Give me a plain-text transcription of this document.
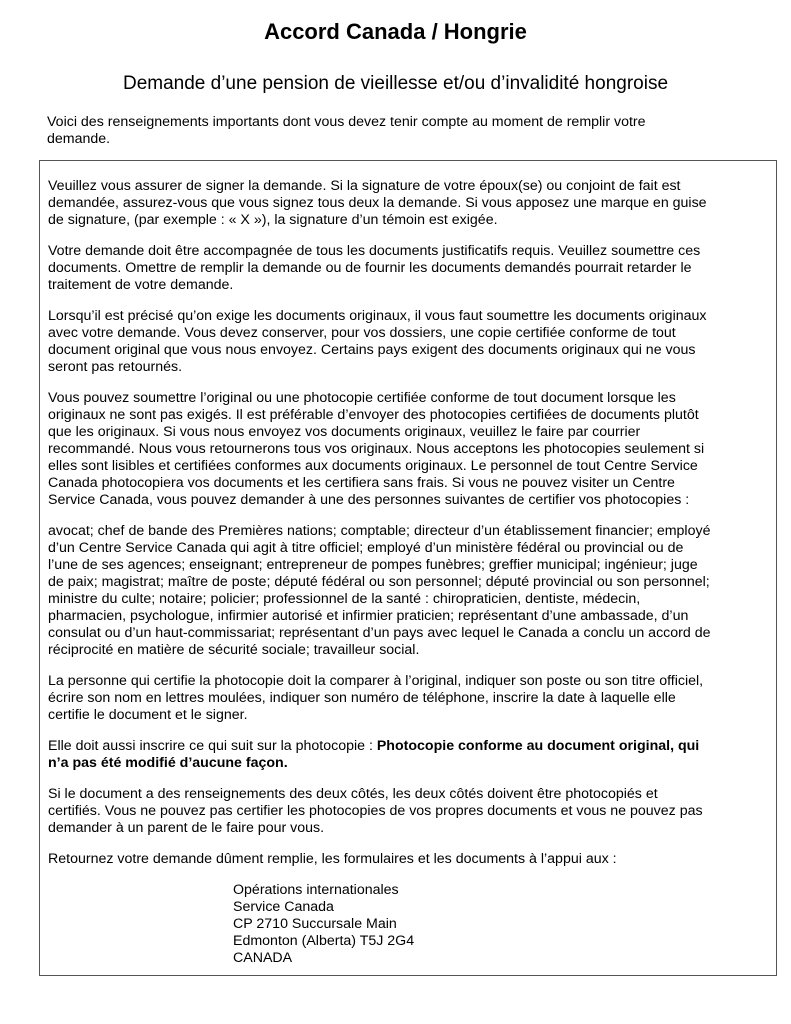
Accord Canada / Hongrie
Demande d’une pension de vieillesse et/ou d’invalidité hongroise
Voici des renseignements importants dont vous devez tenir compte au moment de remplir votre
demande.

Veuillez vous assurer de signer la demande. Si la signature de votre époux(se) ou conjoint de fait est
demandée, assurez-vous que vous signez tous deux la demande. Si vous apposez une marque en guise
de signature, (par exemple : « X »), la signature d’un témoin est exigée.

Votre demande doit être accompagnée de tous les documents justificatifs requis. Veuillez soumettre ces
documents. Omettre de remplir la demande ou de fournir les documents demandés pourrait retarder le
traitement de votre demande.

Lorsqu’il est précisé qu’on exige les documents originaux, il vous faut soumettre les documents originaux
avec votre demande. Vous devez conserver, pour vos dossiers, une copie certifiée conforme de tout
document original que vous nous envoyez. Certains pays exigent des documents originaux qui ne vous
seront pas retournés.

Vous pouvez soumettre l’original ou une photocopie certifiée conforme de tout document lorsque les
originaux ne sont pas exigés. Il est préférable d’envoyer des photocopies certifiées de documents plutôt
que les originaux. Si vous nous envoyez vos documents originaux, veuillez le faire par courrier
recommandé. Nous vous retournerons tous vos originaux. Nous acceptons les photocopies seulement si
elles sont lisibles et certifiées conformes aux documents originaux. Le personnel de tout Centre Service
Canada photocopiera vos documents et les certifiera sans frais. Si vous ne pouvez visiter un Centre
Service Canada, vous pouvez demander à une des personnes suivantes de certifier vos photocopies :

avocat; chef de bande des Premières nations; comptable; directeur d’un établissement financier; employé
d’un Centre Service Canada qui agit à titre officiel; employé d’un ministère fédéral ou provincial ou de
l’une de ses agences; enseignant; entrepreneur de pompes funèbres; greffier municipal; ingénieur; juge
de paix; magistrat; maître de poste; député fédéral ou son personnel; député provincial ou son personnel;
ministre du culte; notaire; policier; professionnel de la santé : chiropraticien, dentiste, médecin,
pharmacien, psychologue, infirmier autorisé et infirmier praticien; représentant d’une ambassade, d’un
consulat ou d’un haut-commissariat; représentant d’un pays avec lequel le Canada a conclu un accord de
réciprocité en matière de sécurité sociale; travailleur social.

La personne qui certifie la photocopie doit la comparer à l’original, indiquer son poste ou son titre officiel,
écrire son nom en lettres moulées, indiquer son numéro de téléphone, inscrire la date à laquelle elle
certifie le document et le signer.

Elle doit aussi inscrire ce qui suit sur la photocopie : Photocopie conforme au document original, qui
n’a pas été modifié d’aucune façon.

Si le document a des renseignements des deux côtés, les deux côtés doivent être photocopiés et
certifiés. Vous ne pouvez pas certifier les photocopies de vos propres documents et vous ne pouvez pas
demander à un parent de le faire pour vous.

Retournez votre demande dûment remplie, les formulaires et les documents à l’appui aux :

Opérations internationales
Service Canada
CP 2710 Succursale Main
Edmonton (Alberta) T5J 2G4
CANADA
